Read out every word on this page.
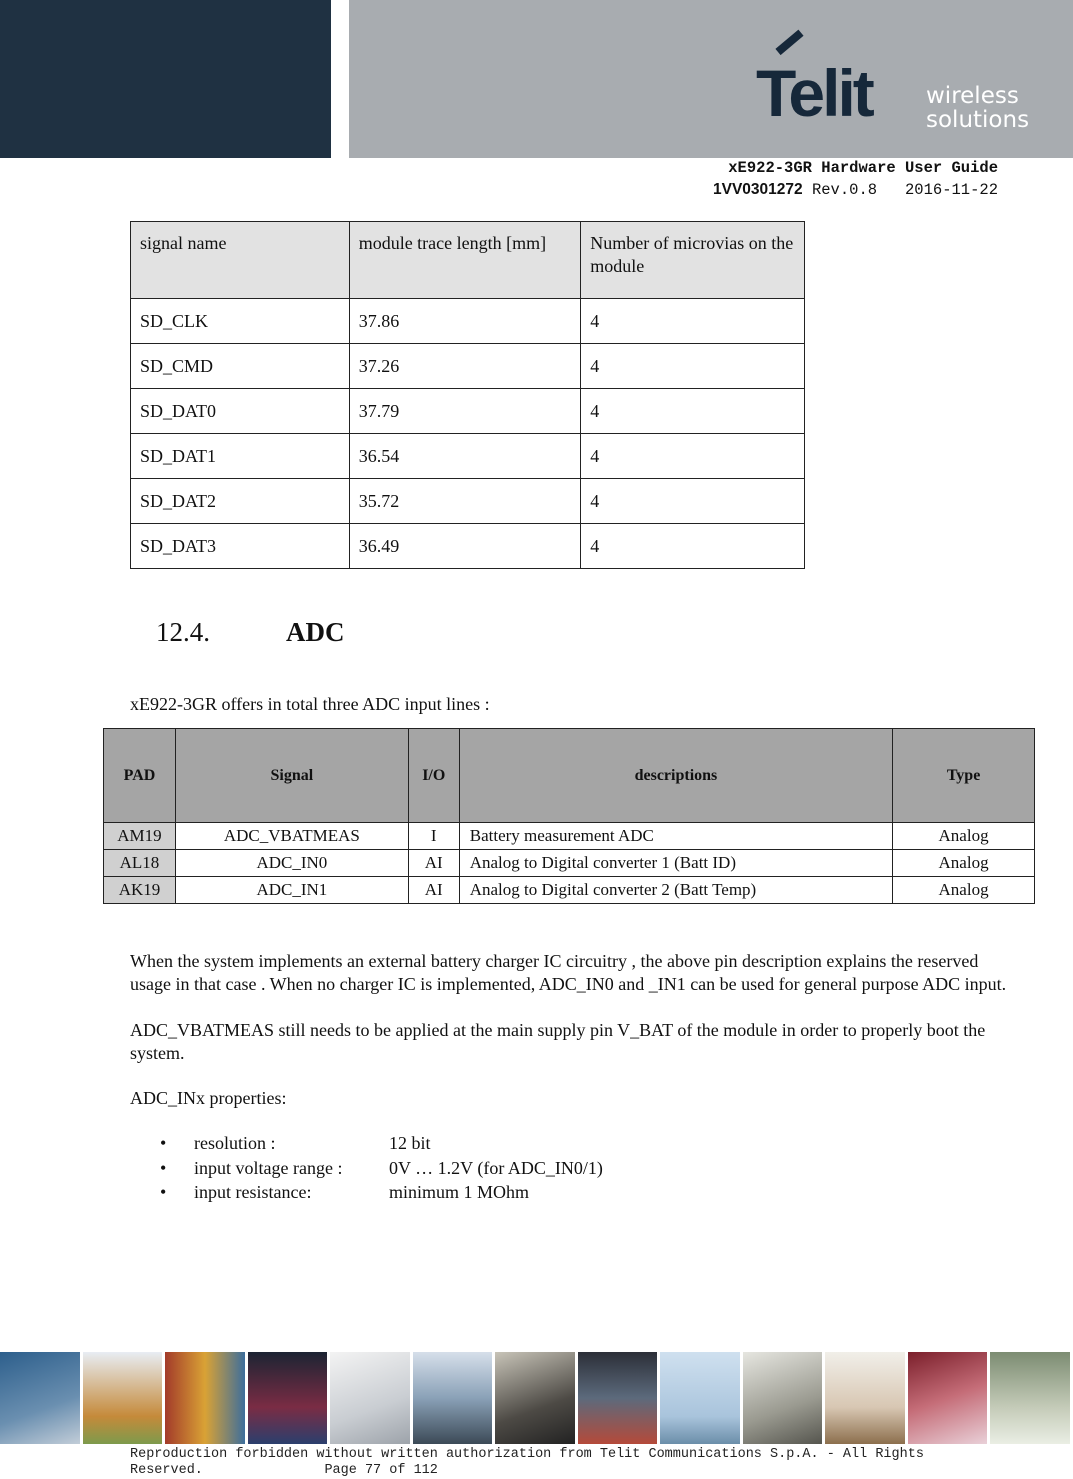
Telit wireless
solutions
xE922-3GR Hardware User Guide
1VV0301272 Rev.0.8 2016-11-22
signal name	module trace length [mm]	Number of microvias on the module
SD_CLK	37.86	4
SD_CMD	37.26	4
SD_DAT0	37.79	4
SD_DAT1	36.54	4
SD_DAT2	35.72	4
SD_DAT3	36.49	4
12.4.	ADC
xE922-3GR offers in total three ADC input lines :
PAD	Signal	I/O	descriptions	Type
AM19	ADC_VBATMEAS	I	Battery measurement ADC	Analog
AL18	ADC_IN0	AI	Analog to Digital converter 1 (Batt ID)	Analog
AK19	ADC_IN1	AI	Analog to Digital converter 2 (Batt Temp)	Analog

When the system implements an external battery charger IC circuitry , the above pin description explains the reserved usage in that case . When no charger IC is implemented, ADC_IN0 and _IN1 can be used for general purpose ADC input.

ADC_VBATMEAS still needs to be applied at the main supply pin V_BAT of the module in order to properly boot the system.

ADC_INx properties:

• resolution :	12 bit
• input voltage range :	0V … 1.2V (for ADC_IN0/1)
• input resistance:	minimum 1 MOhm
Reproduction forbidden without written authorization from Telit Communications S.p.A. - All Rights
Reserved.	Page 77 of 112
